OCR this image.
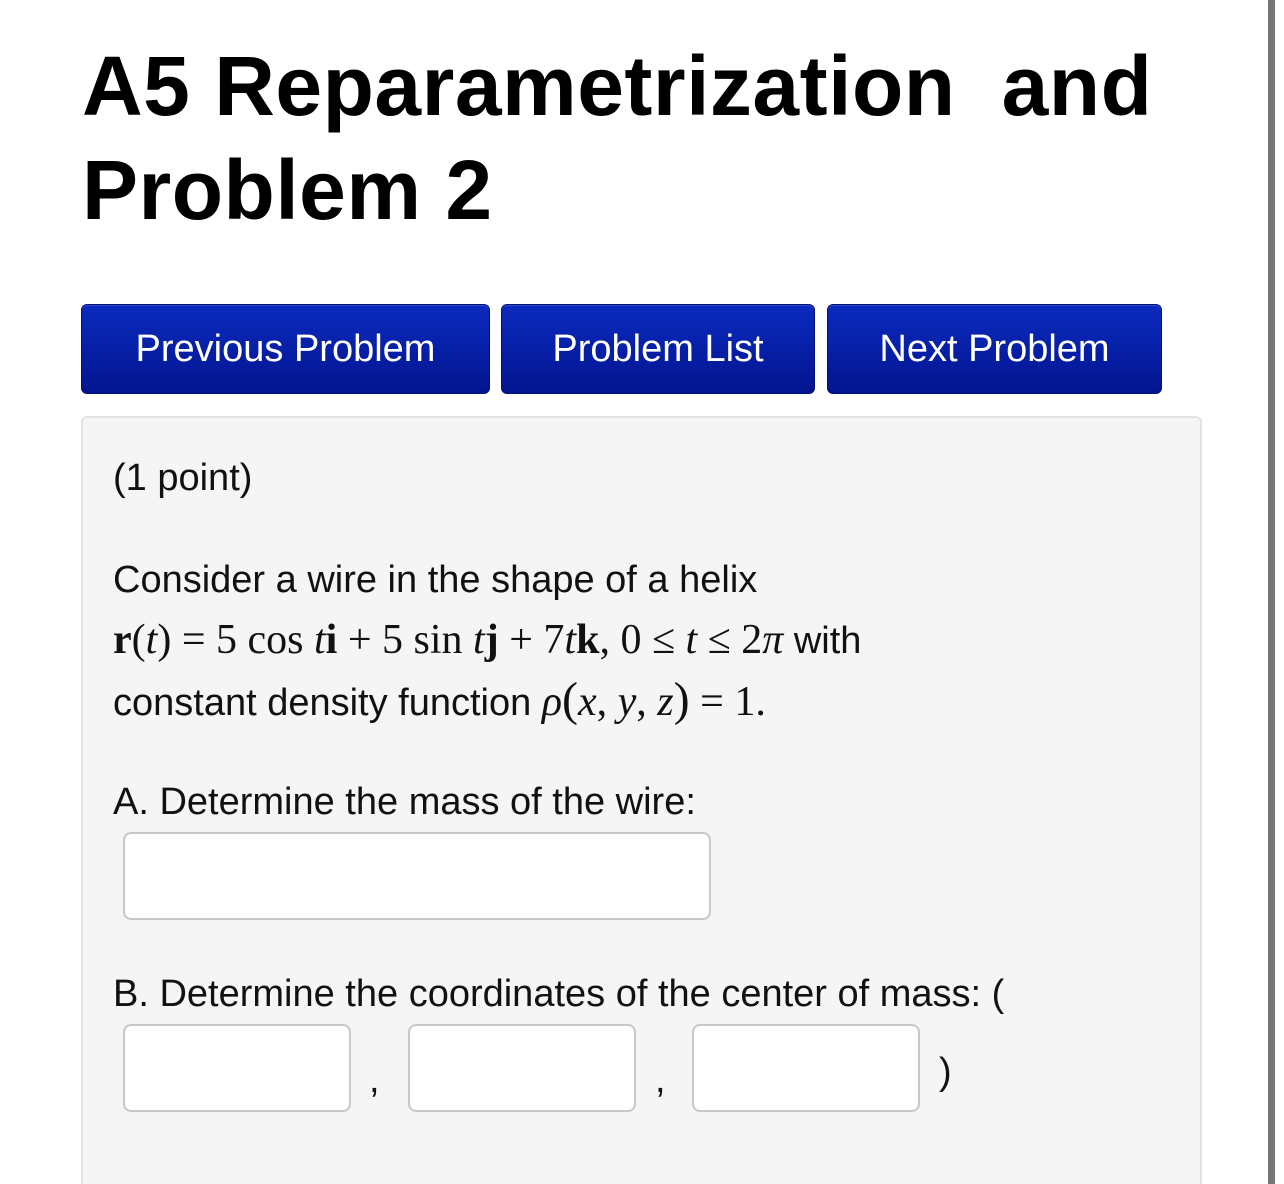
A5 Reparametrization and
Problem 2
Previous Problem	Problem List	Next Problem

(1 point)

Consider a wire in the shape of a helix

r(t) = 5 cos ti + 5 sin tj + 7tk, 0 ≤ t ≤ 2π with

constant density function ρ(x, y, z) = 1.

A. Determine the mass of the wire:

B. Determine the coordinates of the center of mass: (

,	,	)
